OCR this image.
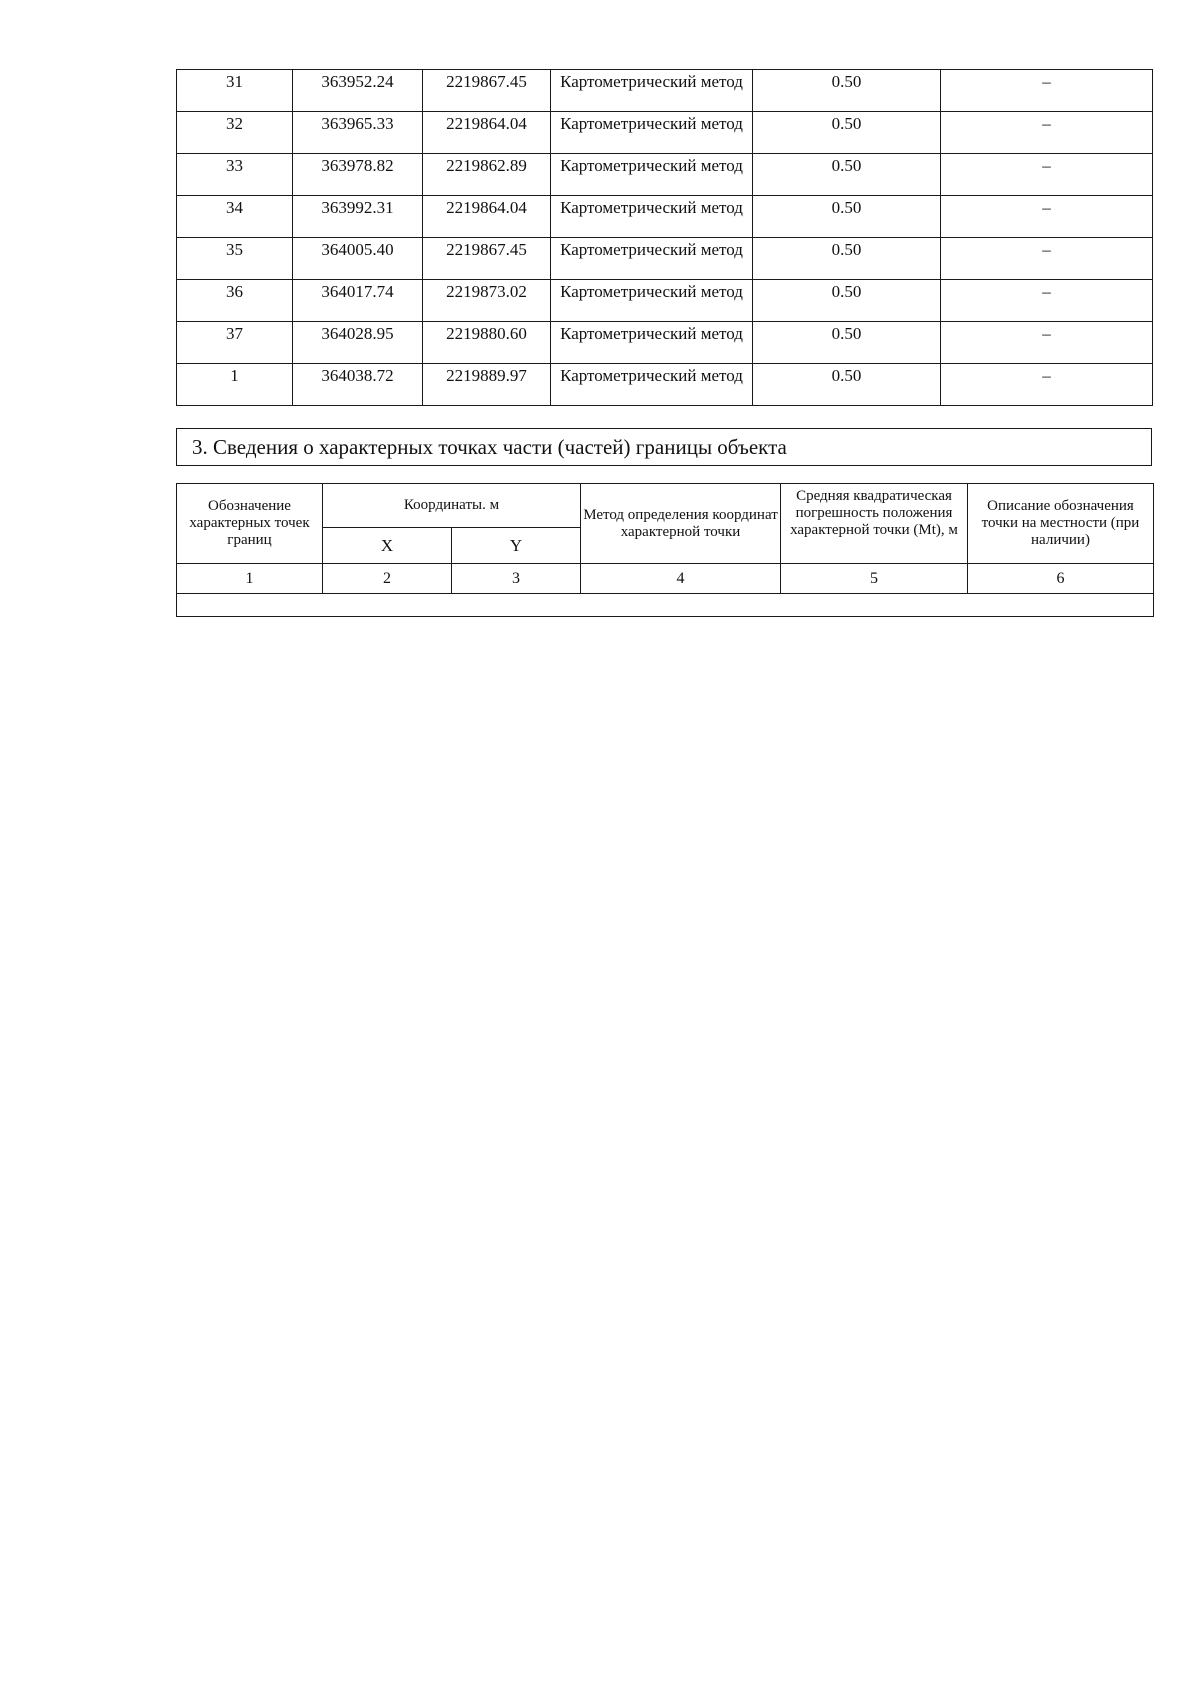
31	363952.24	2219867.45	Картометрический метод	0.50	–
32	363965.33	2219864.04	Картометрический метод	0.50	–
33	363978.82	2219862.89	Картометрический метод	0.50	–
34	363992.31	2219864.04	Картометрический метод	0.50	–
35	364005.40	2219867.45	Картометрический метод	0.50	–
36	364017.74	2219873.02	Картометрический метод	0.50	–
37	364028.95	2219880.60	Картометрический метод	0.50	–
1	364038.72	2219889.97	Картометрический метод	0.50	–
3. Сведения о характерных точках части (частей) границы объекта
Обозначение характерных точек границ	Координаты. м		Метод определения координат характерной точки	Средняя квадратическая погрешность положения характерной точки (Mt), м	Описание обозначения точки на местности (при наличии)
	X	Y			
1	2	3	4	5	6
